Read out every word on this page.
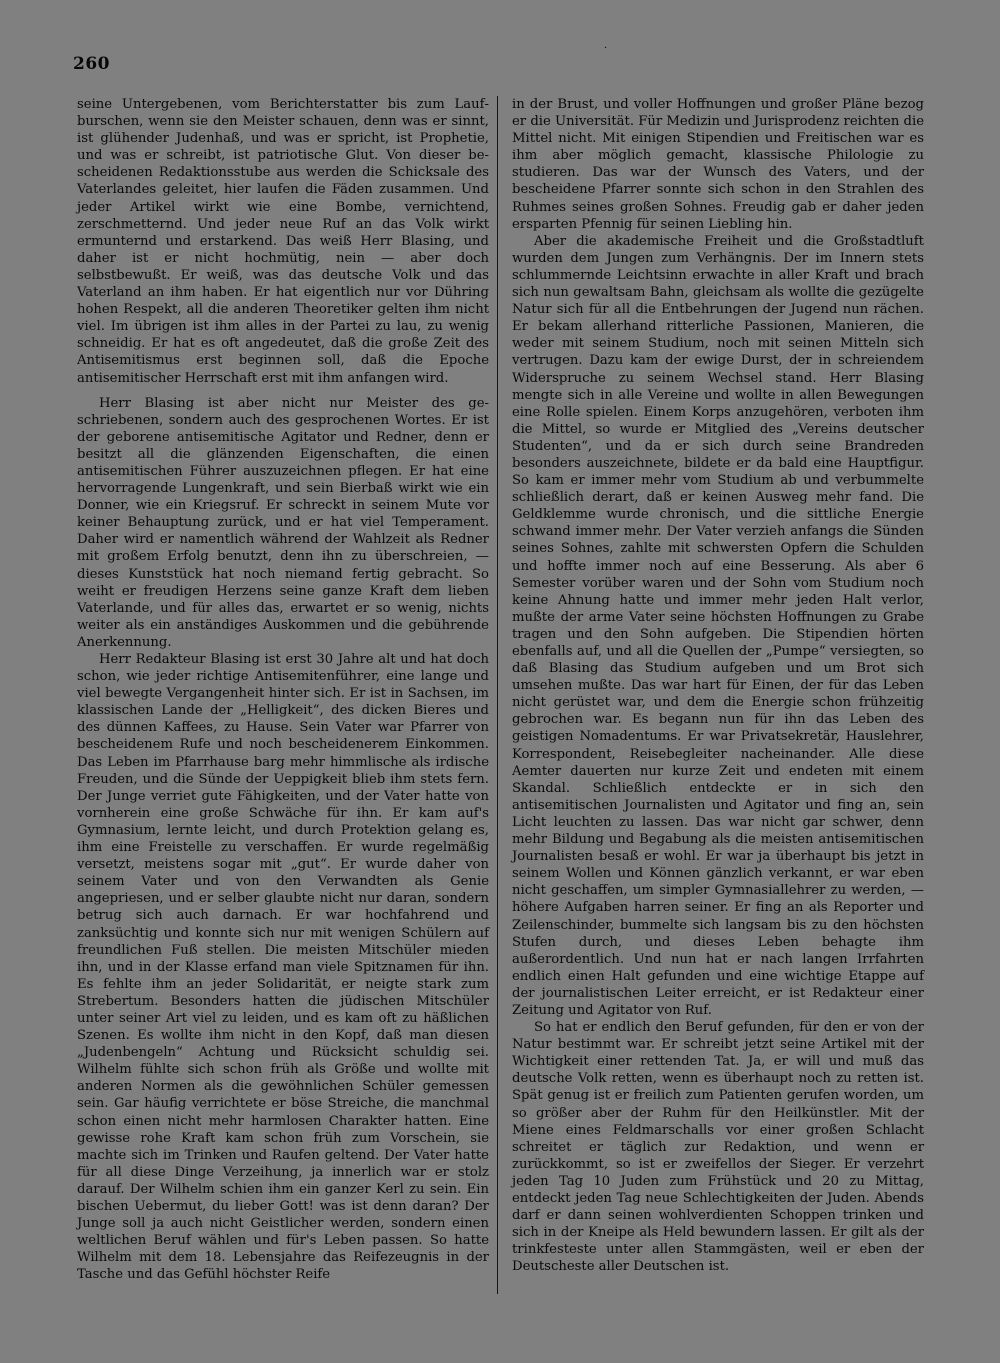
260
.

seine Untergebenen, vom Berichterstatter bis zum Laufburschen, wenn sie den Meister schauen, denn was er sinnt, ist glühender Judenhaß, und was er spricht, ist Prophetie, und was er schreibt, ist patriotische Glut. Von dieser bescheidenen Redaktionsstube aus werden die Schicksale des Vaterlandes geleitet, hier laufen die Fäden zusammen. Und jeder Artikel wirkt wie eine Bombe, vernichtend, zerschmetternd. Und jeder neue Ruf an das Volk wirkt ermunternd und erstarkend. Das weiß Herr Blasing, und daher ist er nicht hochmütig, nein — aber doch selbstbewußt. Er weiß, was das deutsche Volk und das Vaterland an ihm haben. Er hat eigentlich nur vor Dühring hohen Respekt, all die anderen Theoretiker gelten ihm nicht viel. Im übrigen ist ihm alles in der Partei zu lau, zu wenig schneidig. Er hat es oft angedeutet, daß die große Zeit des Antisemitismus erst beginnen soll, daß die Epoche antisemitischer Herrschaft erst mit ihm anfangen wird.

Herr Blasing ist aber nicht nur Meister des geschriebenen, sondern auch des gesprochenen Wortes. Er ist der geborene antisemitische Agitator und Redner, denn er besitzt all die glänzenden Eigenschaften, die einen antisemitischen Führer auszuzeichnen pflegen. Er hat eine hervorragende Lungenkraft, und sein Bierbaß wirkt wie ein Donner, wie ein Kriegsruf. Er schreckt in seinem Mute vor keiner Behauptung zurück, und er hat viel Temperament. Daher wird er namentlich während der Wahlzeit als Redner mit großem Erfolg benutzt, denn ihn zu überschreien, — dieses Kunststück hat noch niemand fertig gebracht. So weiht er freudigen Herzens seine ganze Kraft dem lieben Vaterlande, und für alles das, erwartet er so wenig, nichts weiter als ein anständiges Auskommen und die gebührende Anerkennung.

Herr Redakteur Blasing ist erst 30 Jahre alt und hat doch schon, wie jeder richtige Antisemitenführer, eine lange und viel bewegte Vergangenheit hinter sich. Er ist in Sachsen, im klassischen Lande der „Helligkeit“, des dicken Bieres und des dünnen Kaffees, zu Hause. Sein Vater war Pfarrer von bescheidenem Rufe und noch bescheidenerem Einkommen. Das Leben im Pfarrhause barg mehr himmlische als irdische Freuden, und die Sünde der Ueppigkeit blieb ihm stets fern. Der Junge verriet gute Fähigkeiten, und der Vater hatte von vornherein eine große Schwäche für ihn. Er kam auf's Gymnasium, lernte leicht, und durch Protektion gelang es, ihm eine Freistelle zu verschaffen. Er wurde regelmäßig versetzt, meistens sogar mit „gut“. Er wurde daher von seinem Vater und von den Verwandten als Genie angepriesen, und er selber glaubte nicht nur daran, sondern betrug sich auch darnach. Er war hochfahrend und zanksüchtig und konnte sich nur mit wenigen Schülern auf freundlichen Fuß stellen. Die meisten Mitschüler mieden ihn, und in der Klasse erfand man viele Spitznamen für ihn. Es fehlte ihm an jeder Solidarität, er neigte stark zum Strebertum. Besonders hatten die jüdischen Mitschüler unter seiner Art viel zu leiden, und es kam oft zu häßlichen Szenen. Es wollte ihm nicht in den Kopf, daß man diesen „Judenbengeln“ Achtung und Rücksicht schuldig sei. Wilhelm fühlte sich schon früh als Größe und wollte mit anderen Normen als die gewöhnlichen Schüler gemessen sein. Gar häufig verrichtete er böse Streiche, die manchmal schon einen nicht mehr harmlosen Charakter hatten. Eine gewisse rohe Kraft kam schon früh zum Vorschein, sie machte sich im Trinken und Raufen geltend. Der Vater hatte für all diese Dinge Verzeihung, ja innerlich war er stolz darauf. Der Wilhelm schien ihm ein ganzer Kerl zu sein. Ein bischen Uebermut, du lieber Gott! was ist denn daran? Der Junge soll ja auch nicht Geistlicher werden, sondern einen weltlichen Beruf wählen und für's Leben passen. So hatte Wilhelm mit dem 18. Lebensjahre das Reifezeugnis in der Tasche und das Gefühl höchster Reife

in der Brust, und voller Hoffnungen und großer Pläne bezog er die Universität. Für Medizin und Jurisprodenz reichten die Mittel nicht. Mit einigen Stipendien und Freitischen war es ihm aber möglich gemacht, klassische Philologie zu studieren. Das war der Wunsch des Vaters, und der bescheidene Pfarrer sonnte sich schon in den Strahlen des Ruhmes seines großen Sohnes. Freudig gab er daher jeden ersparten Pfennig für seinen Liebling hin.

Aber die akademische Freiheit und die Großstadtluft wurden dem Jungen zum Verhängnis. Der im Innern stets schlummernde Leichtsinn erwachte in aller Kraft und brach sich nun gewaltsam Bahn, gleichsam als wollte die gezügelte Natur sich für all die Entbehrungen der Jugend nun rächen. Er bekam allerhand ritterliche Passionen, Manieren, die weder mit seinem Studium, noch mit seinen Mitteln sich vertrugen. Dazu kam der ewige Durst, der in schreiendem Widerspruche zu seinem Wechsel stand. Herr Blasing mengte sich in alle Vereine und wollte in allen Bewegungen eine Rolle spielen. Einem Korps anzugehören, verboten ihm die Mittel, so wurde er Mitglied des „Vereins deutscher Studenten“, und da er sich durch seine Brandreden besonders auszeichnete, bildete er da bald eine Hauptfigur. So kam er immer mehr vom Studium ab und verbummelte schließlich derart, daß er keinen Ausweg mehr fand. Die Geldklemme wurde chronisch, und die sittliche Energie schwand immer mehr. Der Vater verzieh anfangs die Sünden seines Sohnes, zahlte mit schwersten Opfern die Schulden und hoffte immer noch auf eine Besserung. Als aber 6 Semester vorüber waren und der Sohn vom Studium noch keine Ahnung hatte und immer mehr jeden Halt verlor, mußte der arme Vater seine höchsten Hoffnungen zu Grabe tragen und den Sohn aufgeben. Die Stipendien hörten ebenfalls auf, und all die Quellen der „Pumpe“ versiegten, so daß Blasing das Studium aufgeben und um Brot sich umsehen mußte. Das war hart für Einen, der für das Leben nicht gerüstet war, und dem die Energie schon frühzeitig gebrochen war. Es begann nun für ihn das Leben des geistigen Nomadentums. Er war Privatsekretär, Hauslehrer, Korrespondent, Reisebegleiter nacheinander. Alle diese Aemter dauerten nur kurze Zeit und endeten mit einem Skandal. Schließlich entdeckte er in sich den antisemitischen Journalisten und Agitator und fing an, sein Licht leuchten zu lassen. Das war nicht gar schwer, denn mehr Bildung und Begabung als die meisten antisemitischen Journalisten besaß er wohl. Er war ja überhaupt bis jetzt in seinem Wollen und Können gänzlich verkannt, er war eben nicht geschaffen, um simpler Gymnasiallehrer zu werden, — höhere Aufgaben harren seiner. Er fing an als Reporter und Zeilenschinder, bummelte sich langsam bis zu den höchsten Stufen durch, und dieses Leben behagte ihm außerordentlich. Und nun hat er nach langen Irrfahrten endlich einen Halt gefunden und eine wichtige Etappe auf der journalistischen Leiter erreicht, er ist Redakteur einer Zeitung und Agitator von Ruf.

So hat er endlich den Beruf gefunden, für den er von der Natur bestimmt war. Er schreibt jetzt seine Artikel mit der Wichtigkeit einer rettenden Tat. Ja, er will und muß das deutsche Volk retten, wenn es überhaupt noch zu retten ist. Spät genug ist er freilich zum Patienten gerufen worden, um so größer aber der Ruhm für den Heilkünstler. Mit der Miene eines Feldmarschalls vor einer großen Schlacht schreitet er täglich zur Redaktion, und wenn er zurückkommt, so ist er zweifellos der Sieger. Er verzehrt jeden Tag 10 Juden zum Frühstück und 20 zu Mittag, entdeckt jeden Tag neue Schlechtigkeiten der Juden. Abends darf er dann seinen wohlverdienten Schoppen trinken und sich in der Kneipe als Held bewundern lassen. Er gilt als der trinkfesteste unter allen Stammgästen, weil er eben der Deutscheste aller Deutschen ist.
